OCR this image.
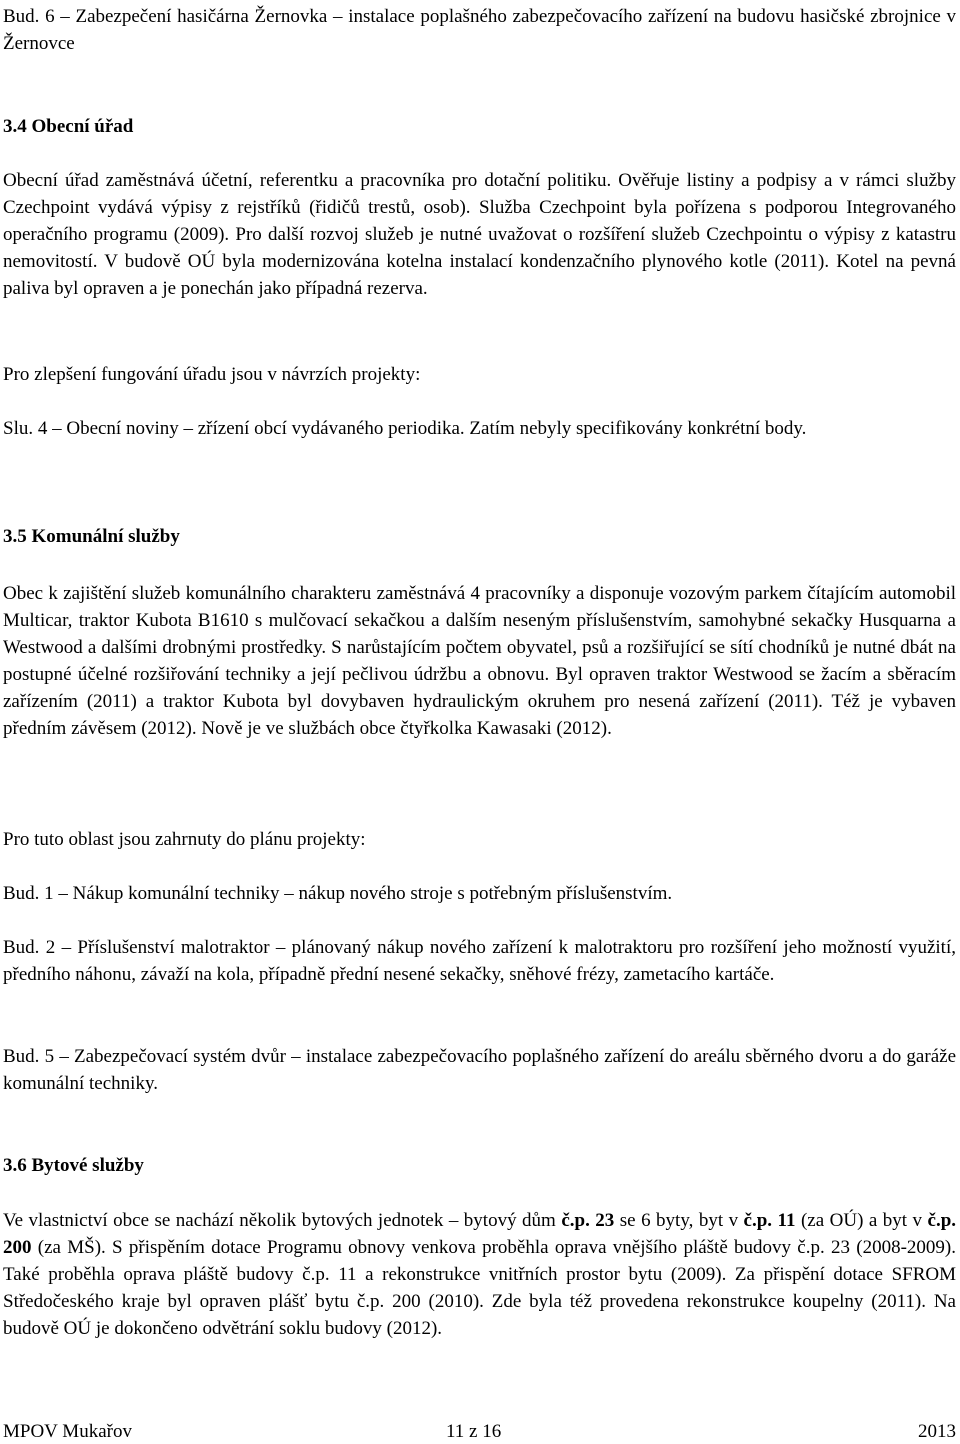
Bud. 6 – Zabezpečení hasičárna Žernovka – instalace poplašného zabezpečovacího zařízení na budovu hasičské zbrojnice v Žernovce

3.4 Obecní úřad

Obecní úřad zaměstnává účetní, referentku a pracovníka pro dotační politiku. Ověřuje listiny a podpisy a v rámci služby Czechpoint vydává výpisy z rejstříků (řidičů trestů, osob). Služba Czechpoint byla pořízena s podporou Integrovaného operačního programu (2009). Pro další rozvoj služeb je nutné uvažovat o rozšíření služeb Czechpointu o výpisy z katastru nemovitostí. V budově OÚ byla modernizována kotelna instalací kondenzačního plynového kotle (2011). Kotel na pevná paliva byl opraven a je ponechán jako případná rezerva.

Pro zlepšení fungování úřadu jsou v návrzích projekty:

Slu. 4 – Obecní noviny – zřízení obcí vydávaného periodika. Zatím nebyly specifikovány konkrétní body.

3.5 Komunální služby

Obec k zajištění služeb komunálního charakteru zaměstnává 4 pracovníky a disponuje vozovým parkem čítajícím automobil Multicar, traktor Kubota B1610 s mulčovací sekačkou a dalším neseným příslušenstvím, samohybné sekačky Husquarna a Westwood a dalšími drobnými prostředky. S narůstajícím počtem obyvatel, psů a rozšiřující se sítí chodníků je nutné dbát na postupné účelné rozšiřování techniky a její pečlivou údržbu a obnovu. Byl opraven traktor Westwood se žacím a sběracím zařízením (2011) a traktor Kubota byl dovybaven hydraulickým okruhem pro nesená zařízení (2011). Též je vybaven předním závěsem (2012). Nově je ve službách obce čtyřkolka Kawasaki (2012).

Pro tuto oblast jsou zahrnuty do plánu projekty:

Bud. 1 – Nákup komunální techniky – nákup nového stroje s potřebným příslušenstvím.

Bud. 2 – Příslušenství malotraktor – plánovaný nákup nového zařízení k malotraktoru pro rozšíření jeho možností využití, předního náhonu, závaží na kola, případně přední nesené sekačky, sněhové frézy, zametacího kartáče.

Bud. 5 – Zabezpečovací systém dvůr – instalace zabezpečovacího poplašného zařízení do areálu sběrného dvoru a do garáže komunální techniky.

3.6 Bytové služby

Ve vlastnictví obce se nachází několik bytových jednotek – bytový dům č.p. 23 se 6 byty, byt v č.p. 11 (za OÚ) a byt v č.p. 200 (za MŠ). S přispěním dotace Programu obnovy venkova proběhla oprava vnějšího pláště budovy č.p. 23 (2008-2009). Také proběhla oprava pláště budovy č.p. 11 a rekonstrukce vnitřních prostor bytu (2009). Za přispění dotace SFROM Středočeského kraje byl opraven plášť bytu č.p. 200 (2010). Zde byla též provedena rekonstrukce koupelny (2011). Na budově OÚ je dokončeno odvětrání soklu budovy (2012).

MPOV Mukařov	11 z 16	2013
